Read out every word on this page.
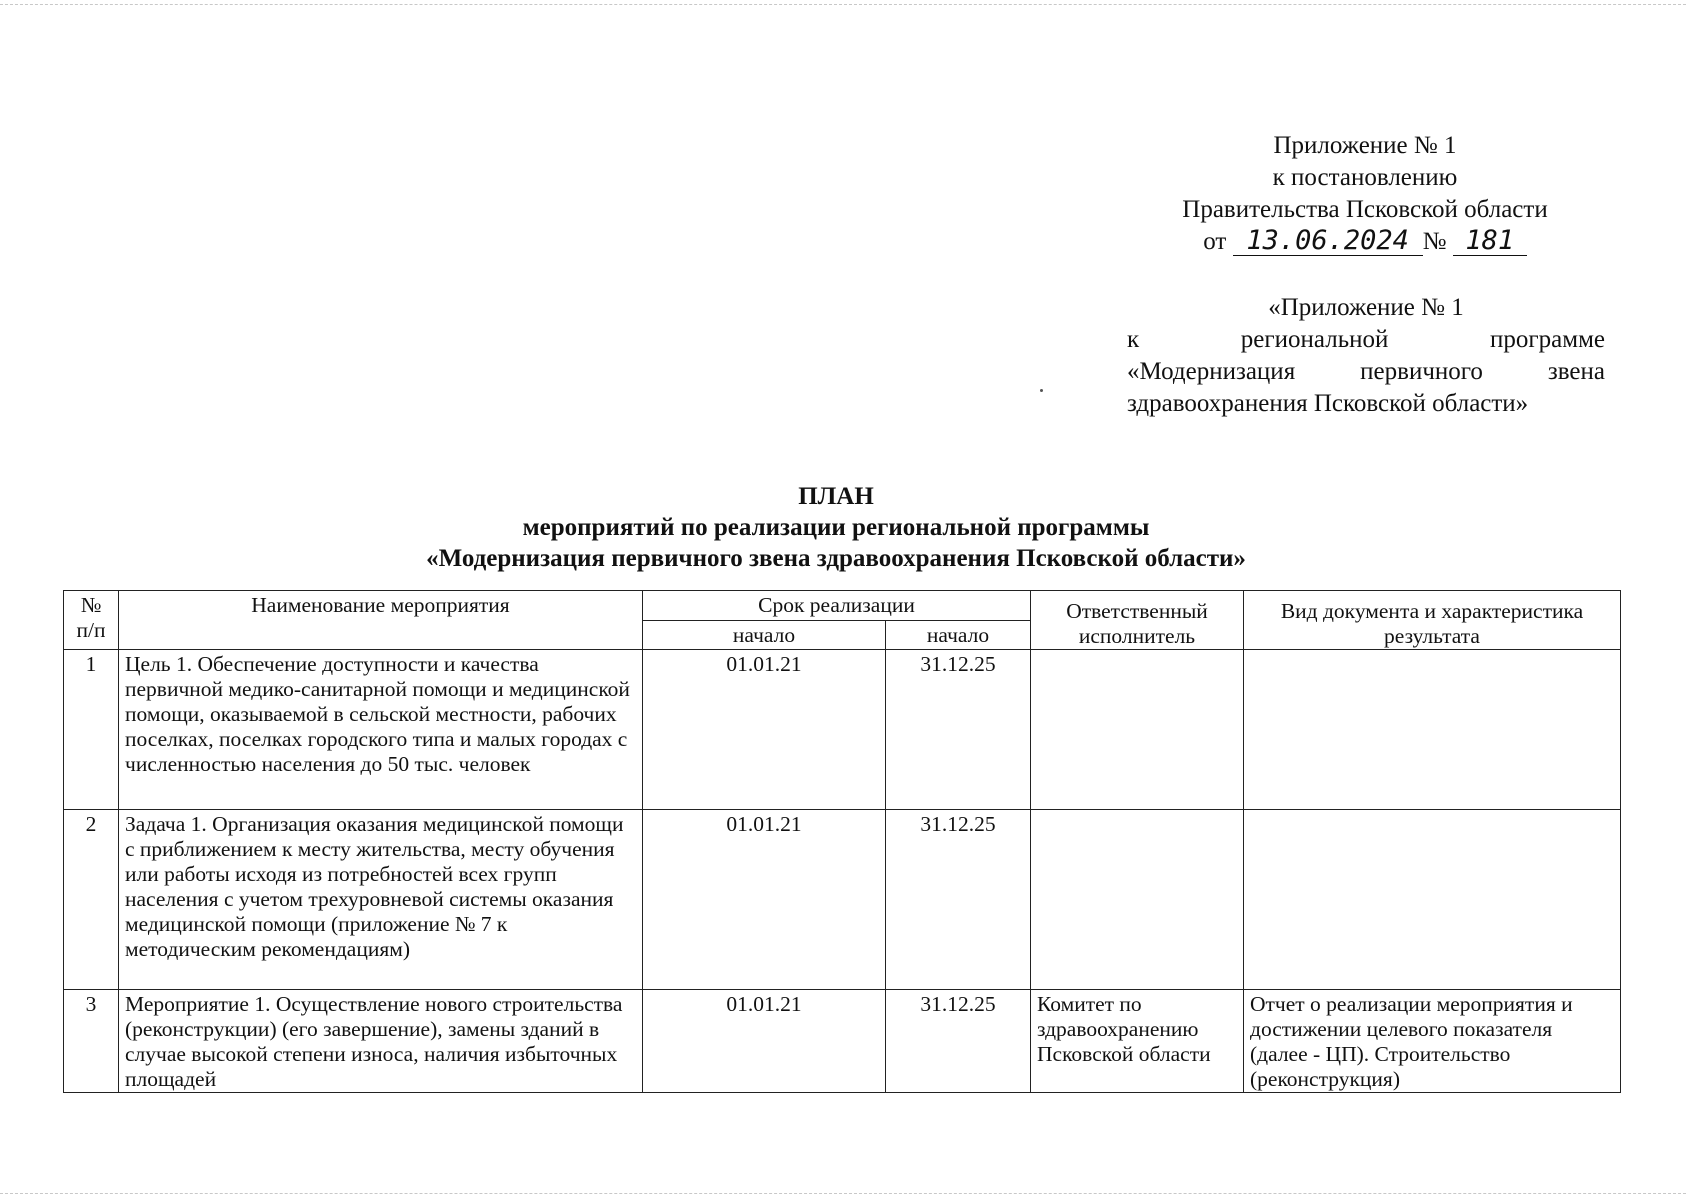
Приложение № 1
к постановлению
Правительства Псковской области
от 13.06.2024 № 181
«Приложение № 1
к региональной программе
«Модернизация первичного звена
здравоохранения Псковской области»
ПЛАН
мероприятий по реализации региональной программы
«Модернизация первичного звена здравоохранения Псковской области»
№ п/п	Наименование мероприятия	Срок реализации		Ответственный исполнитель	Вид документа и характеристика результата
		начало	начало		
1	Цель 1. Обеспечение доступности и качества первичной медико-санитарной помощи и медицинской помощи, оказываемой в сельской местности, рабочих поселках, поселках городского типа и малых городах с численностью населения до 50 тыс. человек	01.01.21	31.12.25		
2	Задача 1. Организация оказания медицинской помощи с приближением к месту жительства, месту обучения или работы исходя из потребностей всех групп населения с учетом трехуровневой системы оказания медицинской помощи (приложение № 7 к методическим рекомендациям)	01.01.21	31.12.25		
3	Мероприятие 1. Осуществление нового строительства (реконструкции) (его завершение), замены зданий в случае высокой степени износа, наличия избыточных площадей	01.01.21	31.12.25	Комитет по здравоохранению Псковской области	Отчет о реализации мероприятия и достижении целевого показателя (далее - ЦП). Строительство (реконструкция)
